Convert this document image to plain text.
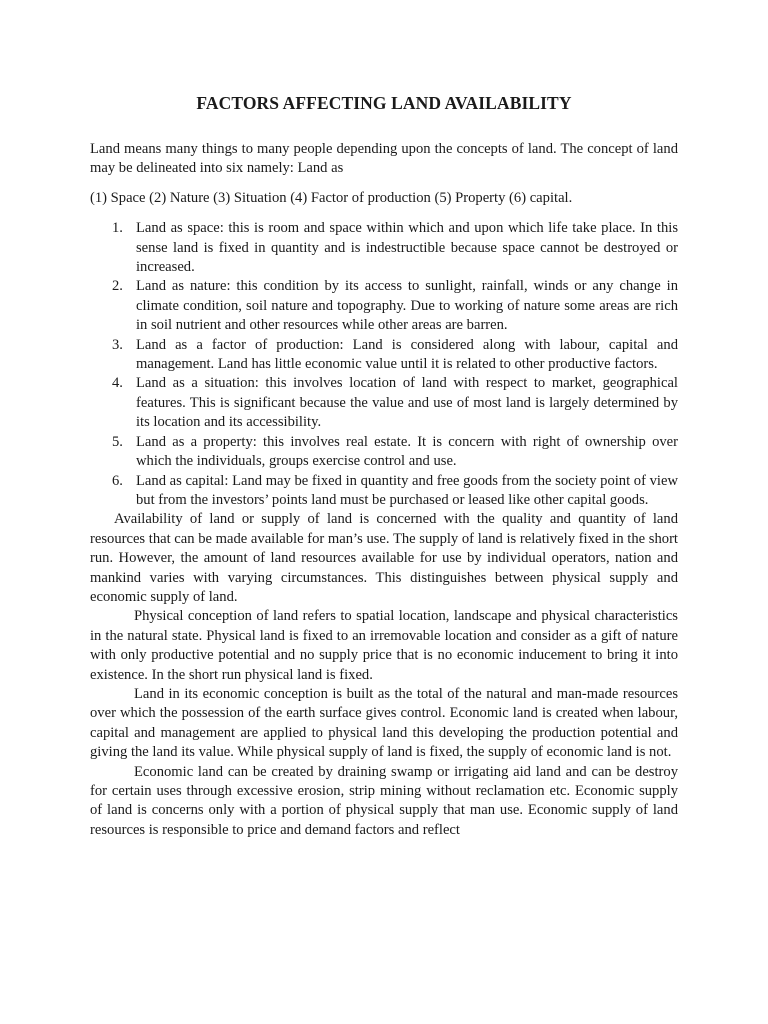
FACTORS AFFECTING LAND AVAILABILITY

Land means many things to many people depending upon the concepts of land. The concept of land may be delineated into six namely: Land as

(1) Space (2) Nature (3) Situation (4) Factor of production (5) Property (6) capital.

1. Land as space: this is room and space within which and upon which life take place. In this sense land is fixed in quantity and is indestructible because space cannot be destroyed or increased.
2. Land as nature: this condition by its access to sunlight, rainfall, winds or any change in climate condition, soil nature and topography. Due to working of nature some areas are rich in soil nutrient and other resources while other areas are barren.
3. Land as a factor of production: Land is considered along with labour, capital and management. Land has little economic value until it is related to other productive factors.
4. Land as a situation: this involves location of land with respect to market, geographical features. This is significant because the value and use of most land is largely determined by its location and its accessibility.
5. Land as a property: this involves real estate. It is concern with right of ownership over which the individuals, groups exercise control and use.
6. Land as capital: Land may be fixed in quantity and free goods from the society point of view but from the investors’ points land must be purchased or leased like other capital goods.

Availability of land or supply of land is concerned with the quality and quantity of land resources that can be made available for man’s use. The supply of land is relatively fixed in the short run. However, the amount of land resources available for use by individual operators, nation and mankind varies with varying circumstances. This distinguishes between physical supply and economic supply of land.

Physical conception of land refers to spatial location, landscape and physical characteristics in the natural state. Physical land is fixed to an irremovable location and consider as a gift of nature with only productive potential and no supply price that is no economic inducement to bring it into existence. In the short run physical land is fixed.

Land in its economic conception is built as the total of the natural and man-made resources over which the possession of the earth surface gives control. Economic land is created when labour, capital and management are applied to physical land this developing the production potential and giving the land its value. While physical supply of land is fixed, the supply of economic land is not.

Economic land can be created by draining swamp or irrigating aid land and can be destroy for certain uses through excessive erosion, strip mining without reclamation etc. Economic supply of land is concerns only with a portion of physical supply that man use. Economic supply of land resources is responsible to price and demand factors and reflect
